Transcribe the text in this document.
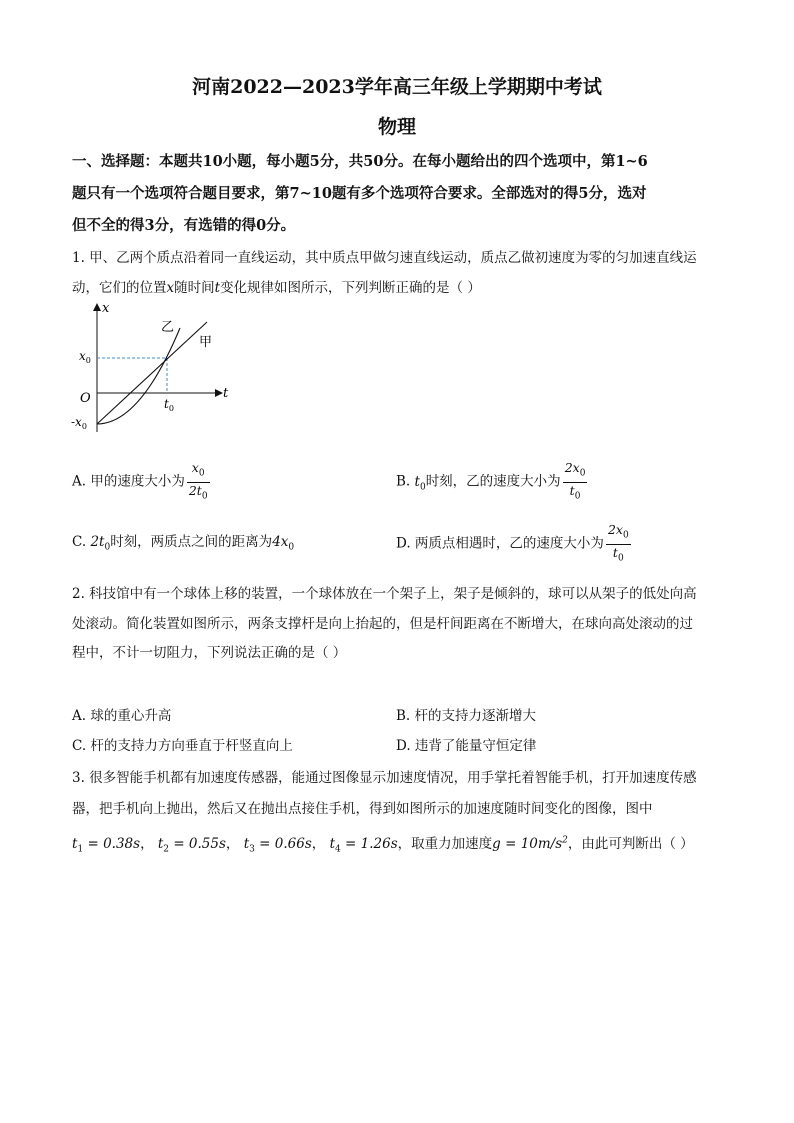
河南2022—2023学年高三年级上学期期中考试
物理
一、选择题：本题共10小题，每小题5分，共50分。在每小题给出的四个选项中，第1~6
题只有一个选项符合题目要求，第7~10题有多个选项符合要求。全部选对的得5分，选对
但不全的得3分，有选错的得0分。
1. 甲、乙两个质点沿着同一直线运动，其中质点甲做匀速直线运动，质点乙做初速度为零的匀加速直线运
动，它们的位置x随时间t变化规律如图所示，下列判断正确的是（ ）
x
t
O
$x_0$
$-x_0$
$t_0$
乙
甲
A. 甲的速度大小为 $\frac{x_0}{2t_0}$	B. $t_0$时刻，乙的速度大小为 $\frac{2x_0}{t_0}$
C. $2t_0$时刻，两质点之间的距离为$4x_0$	D. 两质点相遇时，乙的速度大小为 $\frac{2x_0}{t_0}$
2. 科技馆中有一个球体上移的装置，一个球体放在一个架子上，架子是倾斜的，球可以从架子的低处向高
处滚动。简化装置如图所示，两条支撑杆是向上抬起的，但是杆间距离在不断增大，在球向高处滚动的过
程中，不计一切阻力，下列说法正确的是（ ）
A. 球的重心升高	B. 杆的支持力逐渐增大
C. 杆的支持力方向垂直于杆竖直向上	D. 违背了能量守恒定律
3. 很多智能手机都有加速度传感器，能通过图像显示加速度情况，用手掌托着智能手机，打开加速度传感
器，把手机向上抛出，然后又在抛出点接住手机，得到如图所示的加速度随时间变化的图像，图中
$t_1 = 0.38s$， $t_2 = 0.55s$， $t_3 = 0.66s$， $t_4 = 1.26s$，取重力加速度$g = 10m/s^2$，由此可判断出（ ）
